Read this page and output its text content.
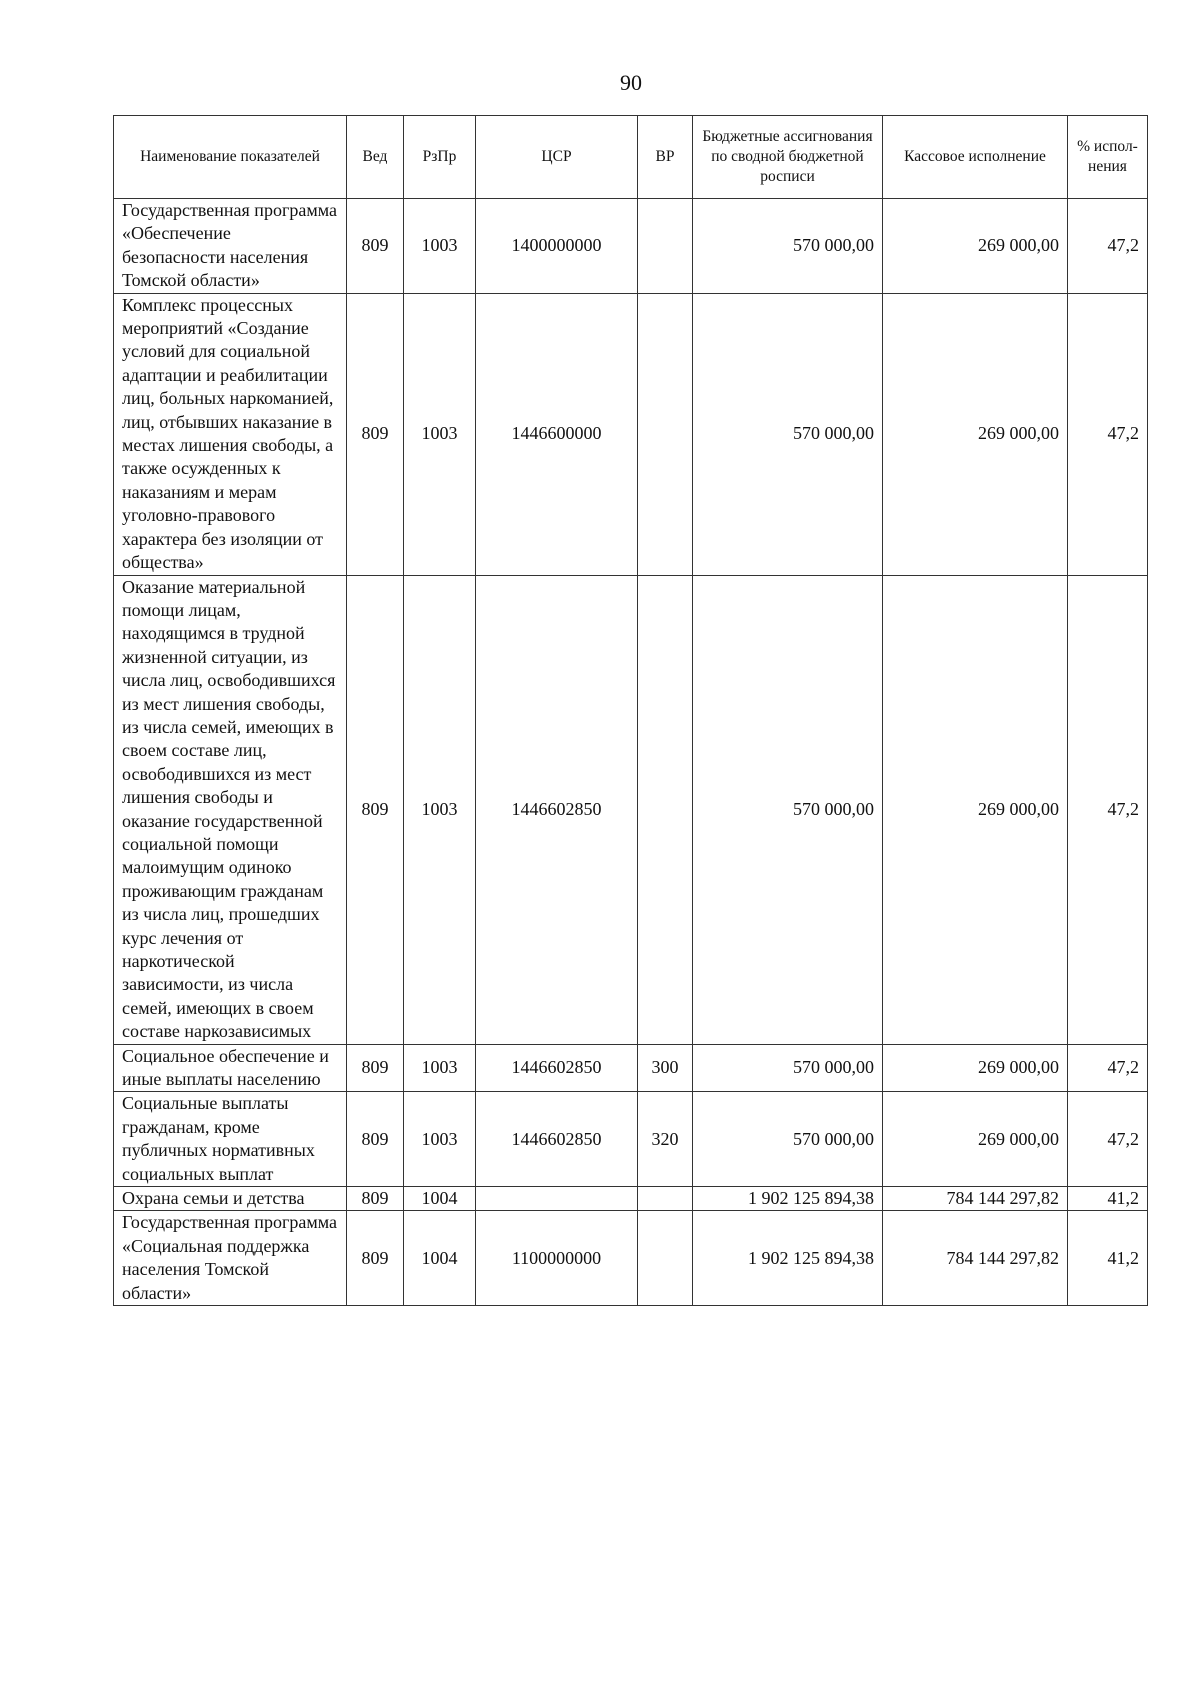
90
Наименование показателей	Вед	РзПр	ЦСР	ВР	Бюджетные ассигнования по сводной бюджетной росписи	Кассовое исполнение	% испол-нения
Государственная программа «Обеспечение безопасности населения Томской области»	809	1003	1400000000		570 000,00	269 000,00	47,2
Комплекс процессных мероприятий «Создание условий для социальной адаптации и реабилитации лиц, больных наркоманией, лиц, отбывших наказание в местах лишения свободы, а также осужденных к наказаниям и мерам уголовно-правового характера без изоляции от общества»	809	1003	1446600000		570 000,00	269 000,00	47,2
Оказание материальной помощи лицам, находящимся в трудной жизненной ситуации, из числа лиц, освободившихся из мест лишения свободы, из числа семей, имеющих в своем составе лиц, освободившихся из мест лишения свободы и оказание государственной социальной помощи малоимущим одиноко проживающим гражданам из числа лиц, прошедших курс лечения от наркотической зависимости, из числа семей, имеющих в своем составе наркозависимых	809	1003	1446602850		570 000,00	269 000,00	47,2
Социальное обеспечение и иные выплаты населению	809	1003	1446602850	300	570 000,00	269 000,00	47,2
Социальные выплаты гражданам, кроме публичных нормативных социальных выплат	809	1003	1446602850	320	570 000,00	269 000,00	47,2
Охрана семьи и детства	809	1004			1 902 125 894,38	784 144 297,82	41,2
Государственная программа «Социальная поддержка населения Томской области»	809	1004	1100000000		1 902 125 894,38	784 144 297,82	41,2
